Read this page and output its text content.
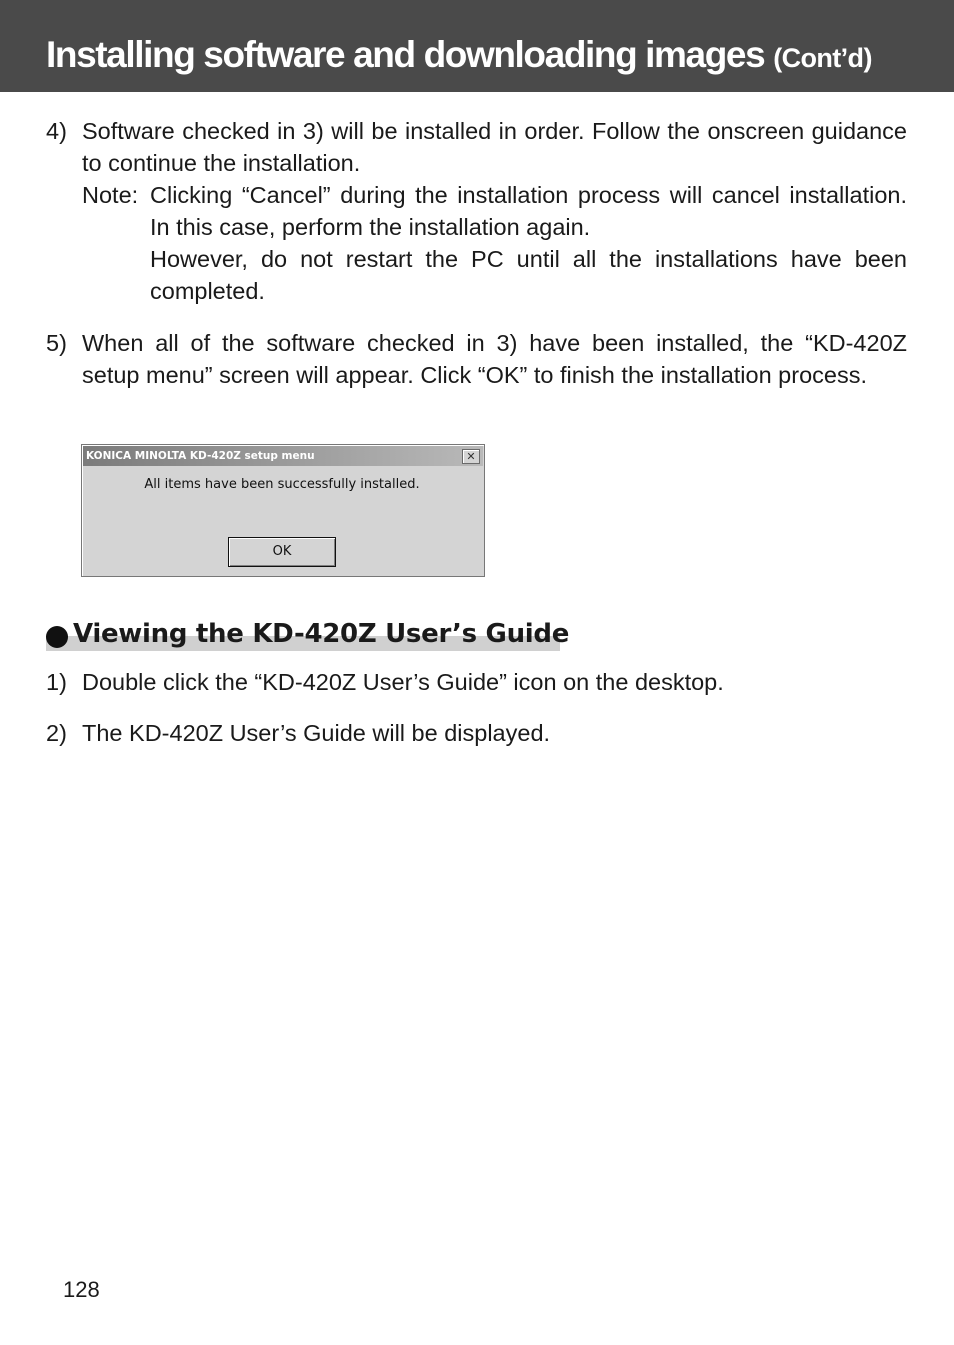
Installing software and downloading images (Cont’d)
4) Software checked in 3) will be installed in order. Follow the onscreen guidance to continue the installation.
Note: Clicking “Cancel” during the installation process will cancel installation. In this case, perform the installation again.

However, do not restart the PC until all the installations have been completed.

5) When all of the software checked in 3) have been installed, the “KD-420Z setup menu” screen will appear. Click “OK” to finish the installation process.
KONICA MINOLTA KD-420Z setup menu	✕
All items have been successfully installed.
OK
Viewing the KD-420Z User’s Guide
1) Double click the “KD-420Z User’s Guide” icon on the desktop.
2) The KD-420Z User’s Guide will be displayed.
128
